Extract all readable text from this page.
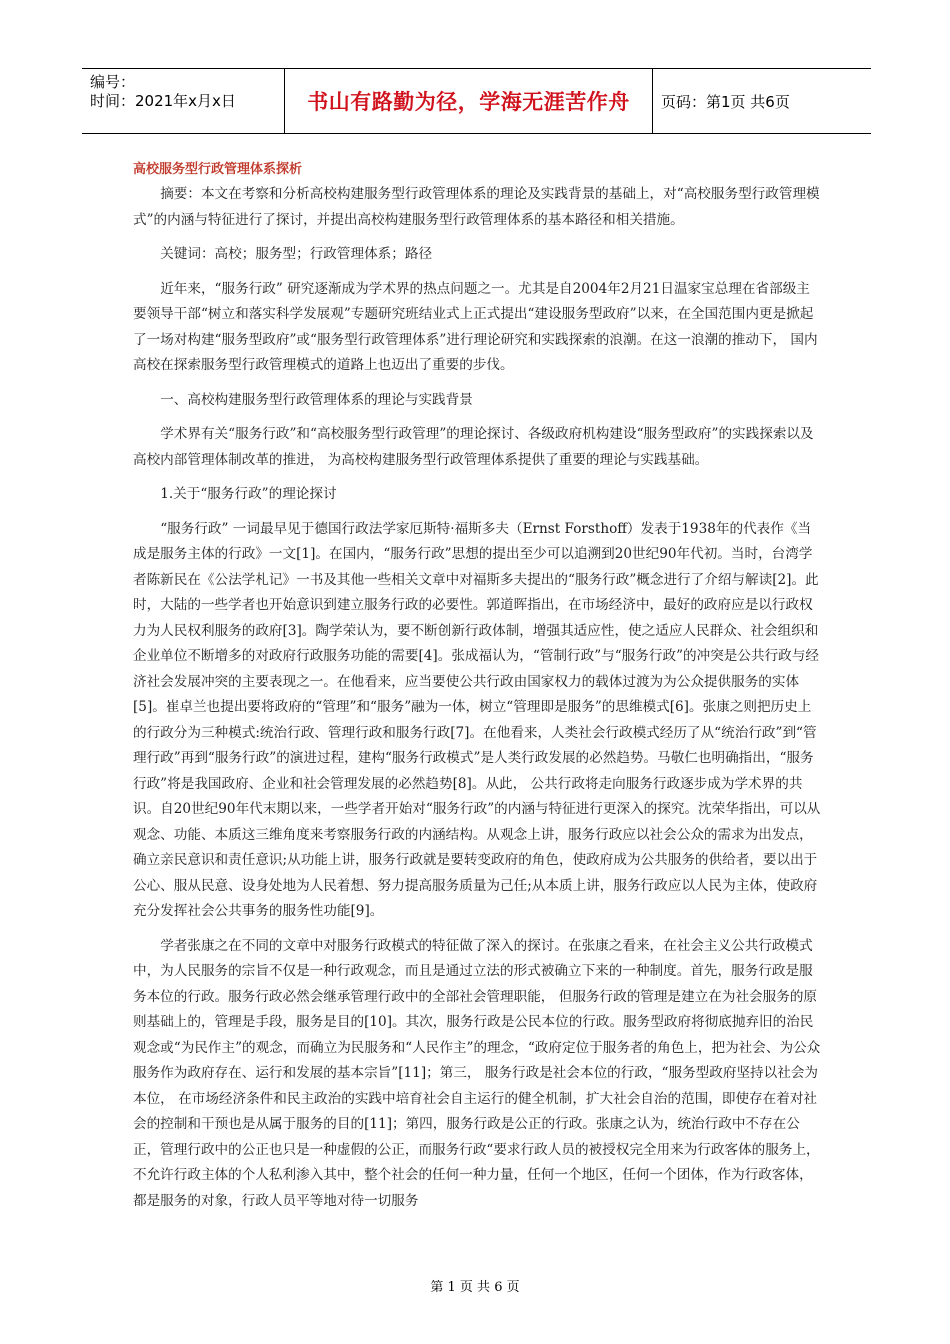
编号：
时间：2021年x月x日	书山有路勤为径，学海无涯苦作舟	页码：第1页 共6页

高校服务型行政管理体系探析

摘要：本文在考察和分析高校构建服务型行政管理体系的理论及实践背景的基础上，对“高校服务型行政管理模式”的内涵与特征进行了探讨，并提出高校构建服务型行政管理体系的基本路径和相关措施。

关键词：高校；服务型；行政管理体系；路径

近年来，“服务行政” 研究逐渐成为学术界的热点问题之一。尤其是自2004年2月21日温家宝总理在省部级主要领导干部“树立和落实科学发展观”专题研究班结业式上正式提出“建设服务型政府”以来，在全国范围内更是掀起了一场对构建“服务型政府”或“服务型行政管理体系”进行理论研究和实践探索的浪潮。在这一浪潮的推动下， 国内高校在探索服务型行政管理模式的道路上也迈出了重要的步伐。

一、高校构建服务型行政管理体系的理论与实践背景

学术界有关“服务行政”和“高校服务型行政管理”的理论探讨、各级政府机构建设“服务型政府”的实践探索以及高校内部管理体制改革的推进， 为高校构建服务型行政管理体系提供了重要的理论与实践基础。

1.关于“服务行政”的理论探讨

“服务行政” 一词最早见于德国行政法学家厄斯特·福斯多夫（Ernst Forsthoff）发表于1938年的代表作《当成是服务主体的行政》一文[1]。在国内，“服务行政”思想的提出至少可以追溯到20世纪90年代初。当时，台湾学者陈新民在《公法学札记》一书及其他一些相关文章中对福斯多夫提出的“服务行政”概念进行了介绍与解读[2]。此时，大陆的一些学者也开始意识到建立服务行政的必要性。郭道晖指出，在市场经济中，最好的政府应是以行政权力为人民权利服务的政府[3]。陶学荣认为，要不断创新行政体制，增强其适应性，使之适应人民群众、社会组织和企业单位不断增多的对政府行政服务功能的需要[4]。张成福认为，“管制行政”与“服务行政”的冲突是公共行政与经济社会发展冲突的主要表现之一。在他看来，应当要使公共行政由国家权力的载体过渡为为公众提供服务的实体[5]。崔卓兰也提出要将政府的“管理”和“服务”融为一体，树立“管理即是服务”的思维模式[6]。张康之则把历史上的行政分为三种模式:统治行政、管理行政和服务行政[7]。在他看来，人类社会行政模式经历了从“统治行政”到“管理行政”再到“服务行政”的演进过程，建构“服务行政模式”是人类行政发展的必然趋势。马敬仁也明确指出，“服务行政”将是我国政府、企业和社会管理发展的必然趋势[8]。从此， 公共行政将走向服务行政逐步成为学术界的共识。自20世纪90年代末期以来，一些学者开始对“服务行政”的内涵与特征进行更深入的探究。沈荣华指出，可以从观念、功能、本质这三维角度来考察服务行政的内涵结构。从观念上讲，服务行政应以社会公众的需求为出发点，确立亲民意识和责任意识;从功能上讲，服务行政就是要转变政府的角色，使政府成为公共服务的供给者，要以出于公心、服从民意、设身处地为人民着想、努力提高服务质量为己任;从本质上讲，服务行政应以人民为主体，使政府充分发挥社会公共事务的服务性功能[9]。

学者张康之在不同的文章中对服务行政模式的特征做了深入的探讨。在张康之看来，在社会主义公共行政模式中，为人民服务的宗旨不仅是一种行政观念，而且是通过立法的形式被确立下来的一种制度。首先，服务行政是服务本位的行政。服务行政必然会继承管理行政中的全部社会管理职能， 但服务行政的管理是建立在为社会服务的原则基础上的，管理是手段，服务是目的[10]。其次，服务行政是公民本位的行政。服务型政府将彻底抛弃旧的治民观念或“为民作主”的观念，而确立为民服务和“人民作主”的理念，“政府定位于服务者的角色上，把为社会、为公众服务作为政府存在、运行和发展的基本宗旨”[11]；第三， 服务行政是社会本位的行政，“服务型政府坚持以社会为本位， 在市场经济条件和民主政治的实践中培育社会自主运行的健全机制，扩大社会自治的范围，即使存在着对社会的控制和干预也是从属于服务的目的[11]；第四，服务行政是公正的行政。张康之认为，统治行政中不存在公正，管理行政中的公正也只是一种虚假的公正，而服务行政“要求行政人员的被授权完全用来为行政客体的服务上，不允许行政主体的个人私利渗入其中，整个社会的任何一种力量，任何一个地区，任何一个团体，作为行政客体，都是服务的对象，行政人员平等地对待一切服务

第 1 页 共 6 页
